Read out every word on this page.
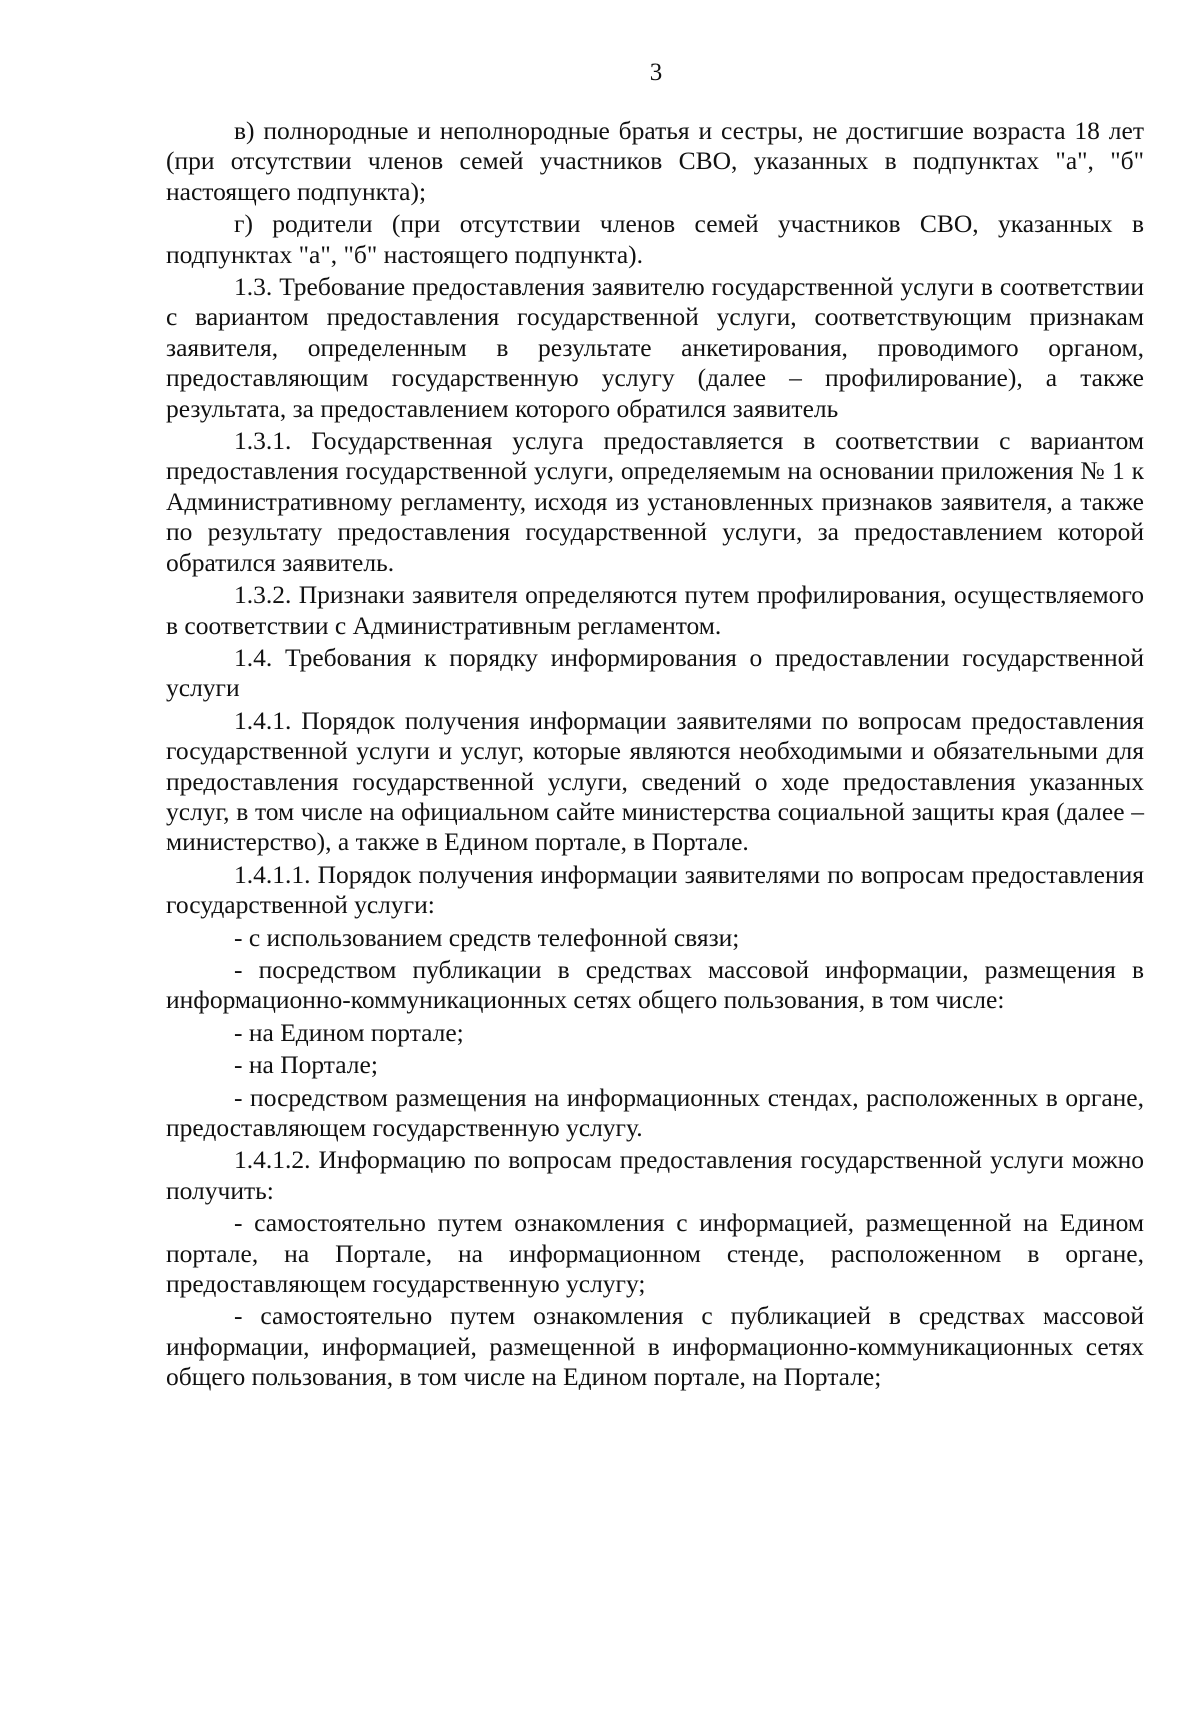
3

в) полнородные и неполнородные братья и сестры, не достигшие возраста 18 лет (при отсутствии членов семей участников СВО, указанных в подпунктах "а", "б" настоящего подпункта);

г) родители (при отсутствии членов семей участников СВО, указанных в подпунктах "а", "б" настоящего подпункта).

1.3. Требование предоставления заявителю государственной услуги в соответствии с вариантом предоставления государственной услуги, соответствующим признакам заявителя, определенным в результате анкетирования, проводимого органом, предоставляющим государственную услугу (далее – профилирование), а также результата, за предоставлением которого обратился заявитель

1.3.1. Государственная услуга предоставляется в соответствии с вариантом предоставления государственной услуги, определяемым на основании приложения № 1 к Административному регламенту, исходя из установленных признаков заявителя, а также по результату предоставления государственной услуги, за предоставлением которой обратился заявитель.

1.3.2. Признаки заявителя определяются путем профилирования, осуществляемого в соответствии с Административным регламентом.

1.4. Требования к порядку информирования о предоставлении государственной услуги

1.4.1. Порядок получения информации заявителями по вопросам предоставления государственной услуги и услуг, которые являются необходимыми и обязательными для предоставления государственной услуги, сведений о ходе предоставления указанных услуг, в том числе на официальном сайте министерства социальной защиты края (далее – министерство), а также в Едином портале, в Портале.

1.4.1.1. Порядок получения информации заявителями по вопросам предоставления государственной услуги:

- с использованием средств телефонной связи;

- посредством публикации в средствах массовой информации, размещения в информационно-коммуникационных сетях общего пользования, в том числе:

- на Едином портале;

- на Портале;

- посредством размещения на информационных стендах, расположенных в органе, предоставляющем государственную услугу.

1.4.1.2. Информацию по вопросам предоставления государственной услуги можно получить:

- самостоятельно путем ознакомления с информацией, размещенной на Едином портале, на Портале, на информационном стенде, расположенном в органе, предоставляющем государственную услугу;

- самостоятельно путем ознакомления с публикацией в средствах массовой информации, информацией, размещенной в информационно-коммуникационных сетях общего пользования, в том числе на Едином портале, на Портале;
